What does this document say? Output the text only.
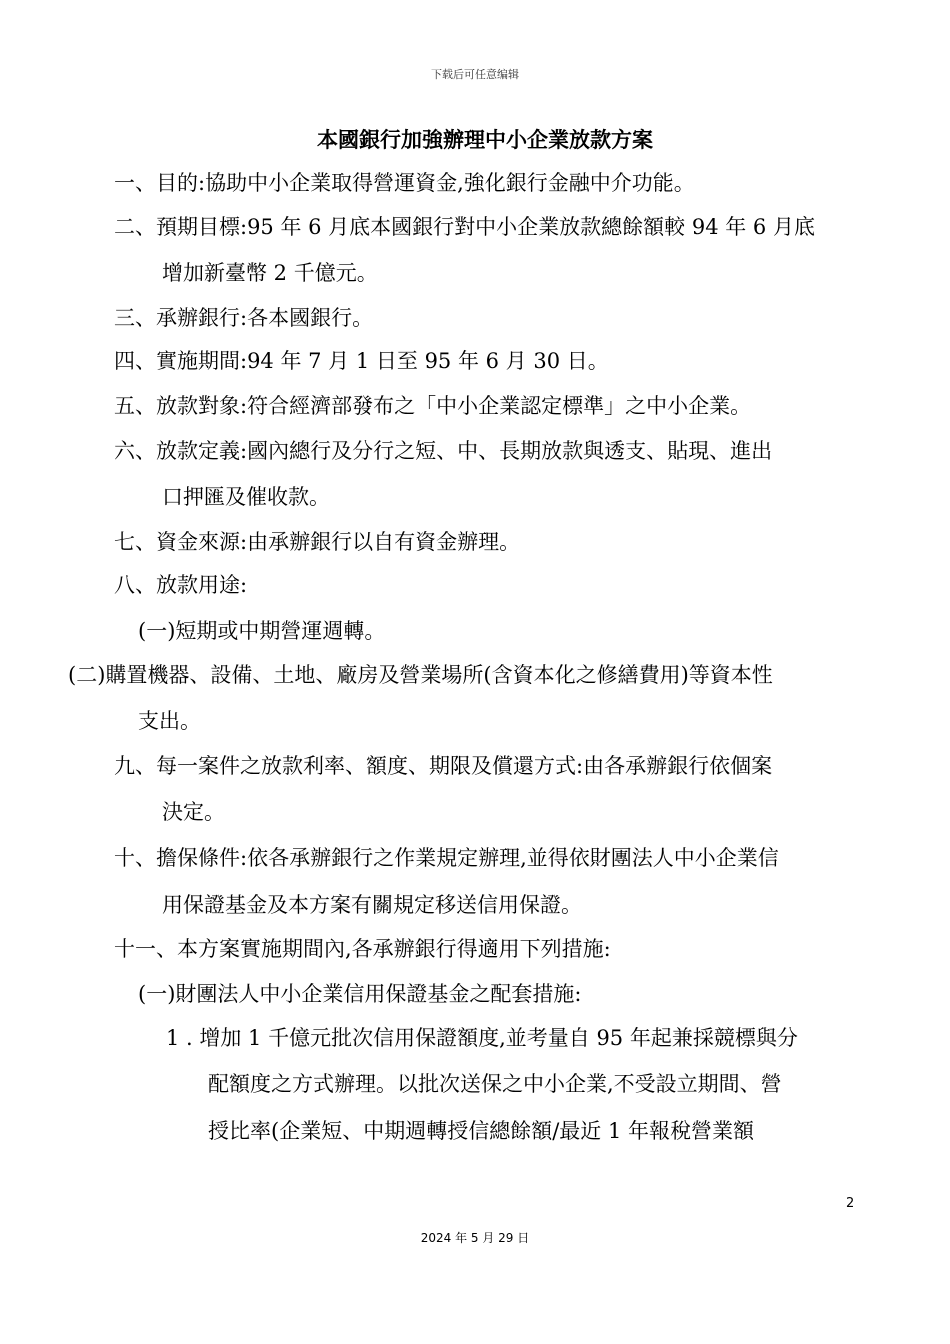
下载后可任意编辑
本國銀行加強辦理中小企業放款方案
一、目的:協助中小企業取得營運資金,強化銀行金融中介功能。
二、預期目標:95 年 6 月底本國銀行對中小企業放款總餘額較 94 年 6 月底
增加新臺幣 2 千億元。
三、承辦銀行:各本國銀行。
四、實施期間:94 年 7 月 1 日至 95 年 6 月 30 日。
五、放款對象:符合經濟部發布之「中小企業認定標準」之中小企業。
六、放款定義:國內總行及分行之短、中、長期放款與透支、貼現、進出
口押匯及催收款。
七、資金來源:由承辦銀行以自有資金辦理。
八、放款用途:
(一)短期或中期營運週轉。
(二)購置機器、設備、土地、廠房及營業場所(含資本化之修繕費用)等資本性
支出。
九、每一案件之放款利率、額度、期限及償還方式:由各承辦銀行依個案
決定。
十、擔保條件:依各承辦銀行之作業規定辦理,並得依財團法人中小企業信
用保證基金及本方案有關規定移送信用保證。
十一、本方案實施期間內,各承辦銀行得適用下列措施:
(一)財團法人中小企業信用保證基金之配套措施:
1 . 增加 1 千億元批次信用保證額度,並考量自 95 年起兼採競標與分
配額度之方式辦理。以批次送保之中小企業,不受設立期間、營
授比率(企業短、中期週轉授信總餘額/最近 1 年報稅營業額
2
2024 年 5 月 29 日
